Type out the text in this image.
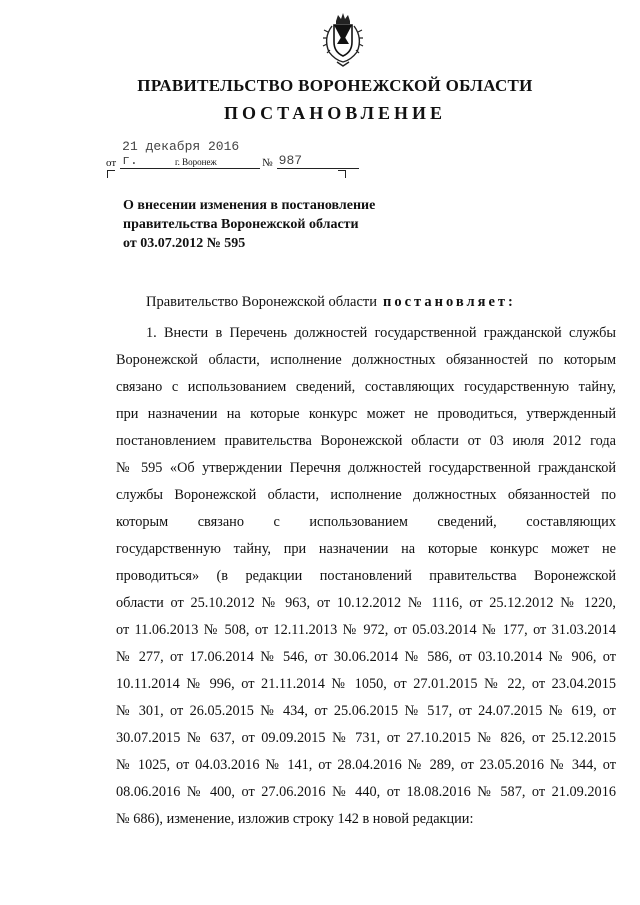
ПРАВИТЕЛЬСТВО ВОРОНЕЖСКОЙ ОБЛАСТИ
ПОСТАНОВЛЕНИЕ
от
21 декабря 2016 г.	№ 987
г. Воронеж
О внесении изменения в постановление
правительства Воронежской области
от 03.07.2012 № 595
Правительство Воронежской области постановляет:
1. Внести в Перечень должностей государственной гражданской службы
Воронежской области, исполнение должностных обязанностей по которым
связано с использованием сведений, составляющих государственную тайну,
при назначении на которые конкурс может не проводиться, утвержденный
постановлением правительства Воронежской области от 03 июля 2012 года
№ 595 «Об утверждении Перечня должностей государственной гражданской
службы Воронежской области, исполнение должностных обязанностей по
которым связано с использованием сведений, составляющих
государственную тайну, при назначении на которые конкурс может не
проводиться» (в редакции постановлений правительства Воронежской
области от 25.10.2012 № 963, от 10.12.2012 № 1116, от 25.12.2012 № 1220,
от 11.06.2013 № 508, от 12.11.2013 № 972, от 05.03.2014 № 177, от 31.03.2014
№ 277, от 17.06.2014 № 546, от 30.06.2014 № 586, от 03.10.2014 № 906, от
10.11.2014 № 996, от 21.11.2014 № 1050, от 27.01.2015 № 22, от 23.04.2015
№ 301, от 26.05.2015 № 434, от 25.06.2015 № 517, от 24.07.2015 № 619, от
30.07.2015 № 637, от 09.09.2015 № 731, от 27.10.2015 № 826, от 25.12.2015
№ 1025, от 04.03.2016 № 141, от 28.04.2016 № 289, от 23.05.2016 № 344, от
08.06.2016 № 400, от 27.06.2016 № 440, от 18.08.2016 № 587, от 21.09.2016
№ 686), изменение, изложив строку 142 в новой редакции:
